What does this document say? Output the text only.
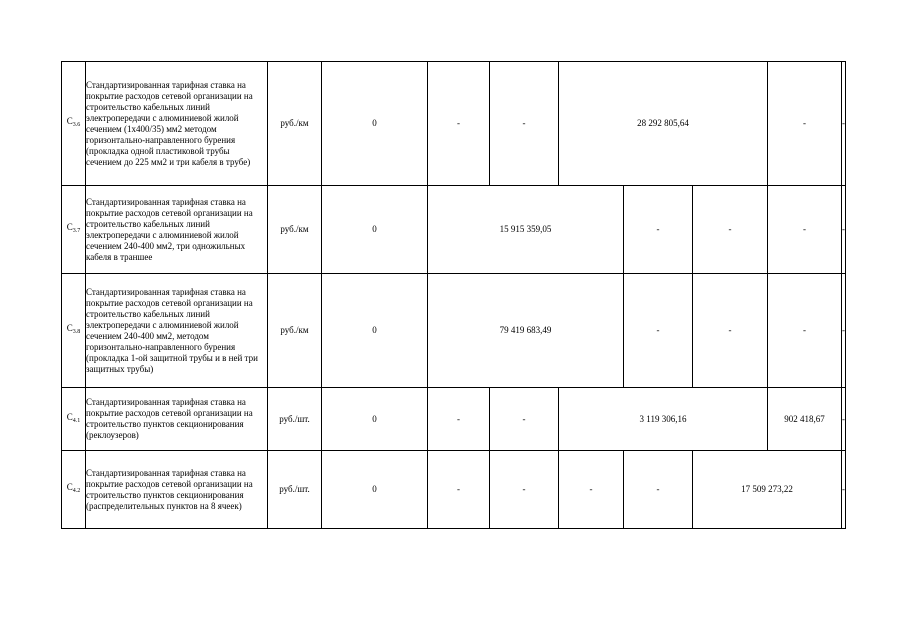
$C_{3.6}$	Стандартизированная тарифная ставка на покрытие расходов сетевой организации на строительство кабельных линий электропередачи с алюминиевой жилой сечением (1x400/35) мм2 методом горизонтально-направленного бурения (прокладка одной пластиковой трубы сечением до 225 мм2 и три кабеля в трубе)	руб./км	0	-	-	28 292 805,64			-	-
$C_{3.7}$	Стандартизированная тарифная ставка на покрытие расходов сетевой организации на строительство кабельных линий электропередачи с алюминиевой жилой сечением 240-400 мм2, три одножильных кабеля в траншее	руб./км	0	15 915 359,05			-	-	-	-
$C_{3.8}$	Стандартизированная тарифная ставка на покрытие расходов сетевой организации на строительство кабельных линий электропередачи с алюминиевой жилой сечением 240-400 мм2, методом горизонтально-направленного бурения (прокладка 1-ой защитной трубы и в ней три защитных трубы)	руб./км	0	79 419 683,49			-	-	-	-
$C_{4.1}$	Стандартизированная тарифная ставка на покрытие расходов сетевой организации на строительство пунктов секционирования (реклоузеров)	руб./шт.	0	-	-	3 119 306,16			902 418,67	-
$C_{4.2}$	Стандартизированная тарифная ставка на покрытие расходов сетевой организации на строительство пунктов секционирования (распределительных пунктов на 8 ячеек)	руб./шт.	0	-	-	-	-	17 509 273,22		-
